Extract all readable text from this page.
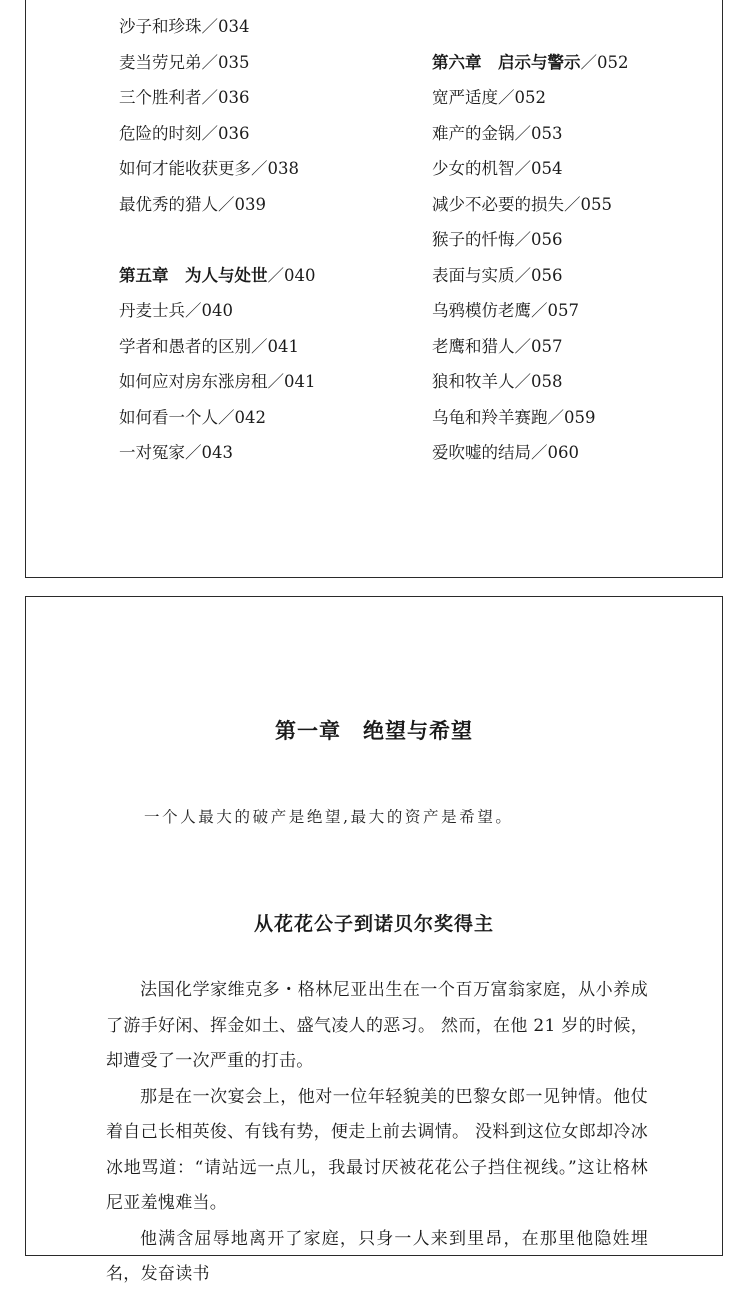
沙子和珍珠／034
麦当劳兄弟／035
三个胜利者／036
危险的时刻／036
如何才能收获更多／038
最优秀的猎人／039
第五章 为人与处世／040
丹麦士兵／040
学者和愚者的区别／041
如何应对房东涨房租／041
如何看一个人／042
一对冤家／043
第六章 启示与警示／052
宽严适度／052
难产的金锅／053
少女的机智／054
减少不必要的损失／055
猴子的忏悔／056
表面与实质／056
乌鸦模仿老鹰／057
老鹰和猎人／057
狼和牧羊人／058
乌龟和羚羊赛跑／059
爱吹嘘的结局／060
第一章 绝望与希望
一个人最大的破产是绝望,最大的资产是希望。
从花花公子到诺贝尔奖得主

法国化学家维克多・格林尼亚出生在一个百万富翁家庭，从小养成了游手好闲、挥金如土、盛气凌人的恶习。 然而，在他 21 岁的时候，却遭受了一次严重的打击。

那是在一次宴会上，他对一位年轻貌美的巴黎女郎一见钟情。他仗着自己长相英俊、有钱有势，便走上前去调情。 没料到这位女郎却冷冰冰地骂道：“请站远一点儿，我最讨厌被花花公子挡住视线。”这让格林尼亚羞愧难当。

他满含屈辱地离开了家庭，只身一人来到里昂，在那里他隐姓埋名，发奋读书
